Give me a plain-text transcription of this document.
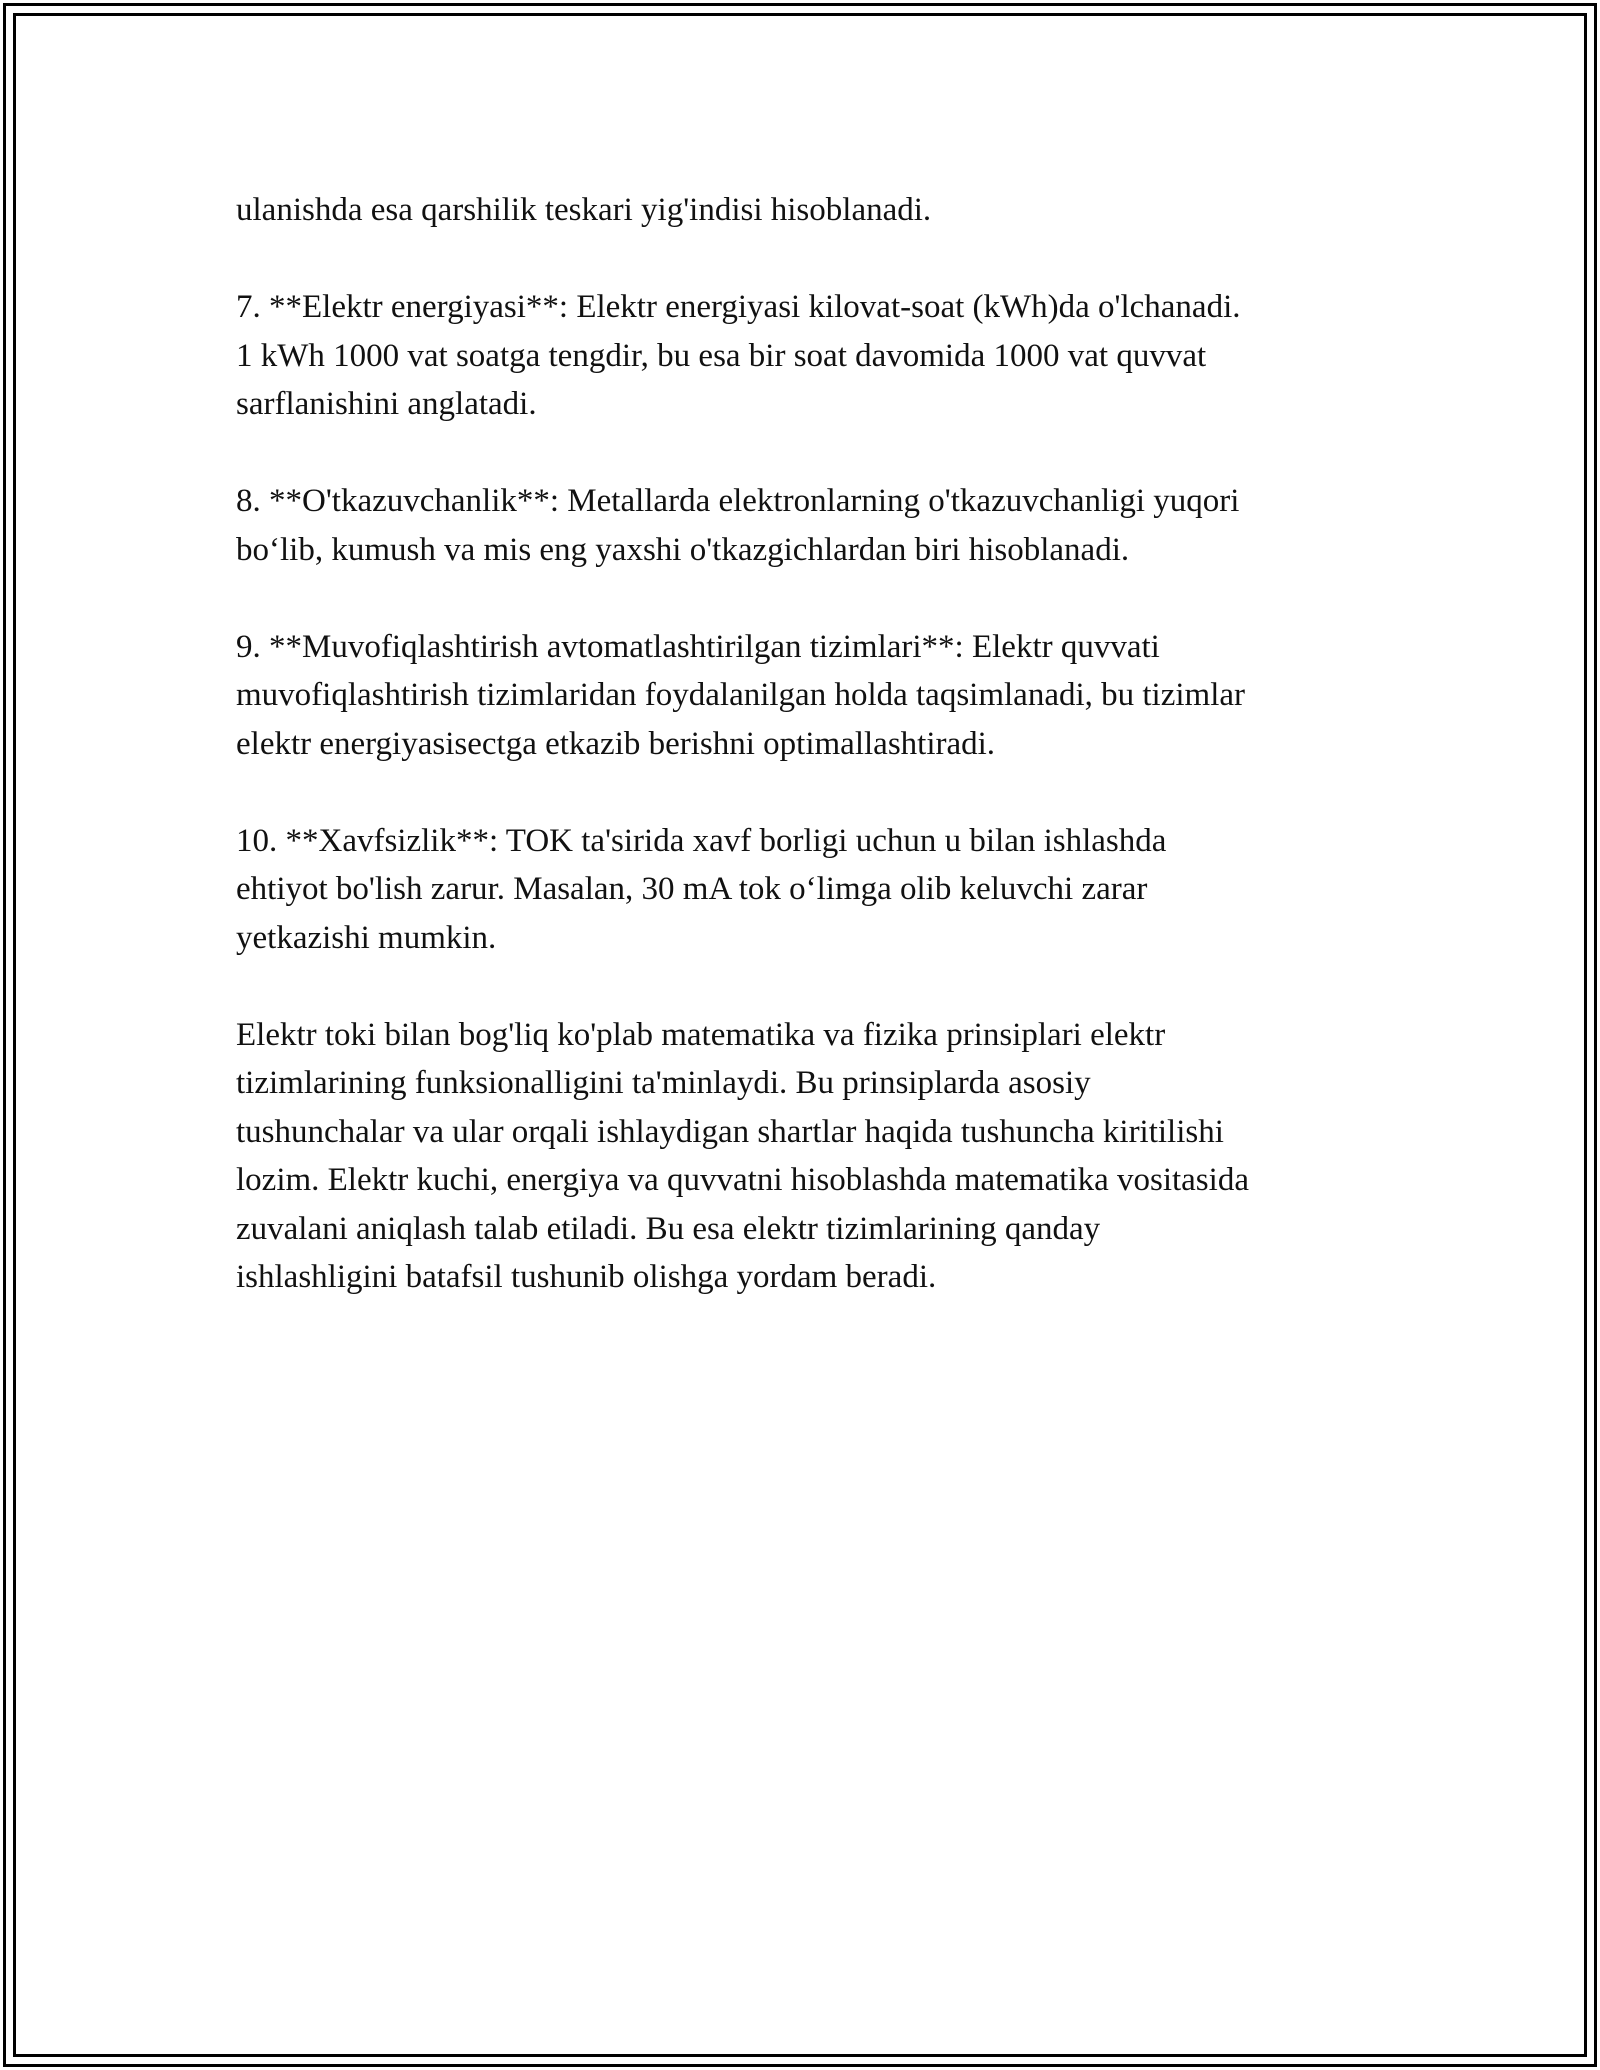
ulanishda esa qarshilik teskari yig'indisi hisoblanadi.

7. **Elektr energiyasi**: Elektr energiyasi kilovat-soat (kWh)da o'lchanadi.
1 kWh 1000 vat soatga tengdir, bu esa bir soat davomida 1000 vat quvvat
sarflanishini anglatadi.

8. **O'tkazuvchanlik**: Metallarda elektronlarning o'tkazuvchanligi yuqori
bo‘lib, kumush va mis eng yaxshi o'tkazgichlardan biri hisoblanadi.

9. **Muvofiqlashtirish avtomatlashtirilgan tizimlari**: Elektr quvvati
muvofiqlashtirish tizimlaridan foydalanilgan holda taqsimlanadi, bu tizimlar
elektr energiyasisectga etkazib berishni optimallashtiradi.

10. **Xavfsizlik**: TOK ta'sirida xavf borligi uchun u bilan ishlashda
ehtiyot bo'lish zarur. Masalan, 30 mA tok o‘limga olib keluvchi zarar
yetkazishi mumkin.

Elektr toki bilan bog'liq ko'plab matematika va fizika prinsiplari elektr
tizimlarining funksionalligini ta'minlaydi. Bu prinsiplarda asosiy
tushunchalar va ular orqali ishlaydigan shartlar haqida tushuncha kiritilishi
lozim. Elektr kuchi, energiya va quvvatni hisoblashda matematika vositasida
zuvalani aniqlash talab etiladi. Bu esa elektr tizimlarining qanday
ishlashligini batafsil tushunib olishga yordam beradi.
